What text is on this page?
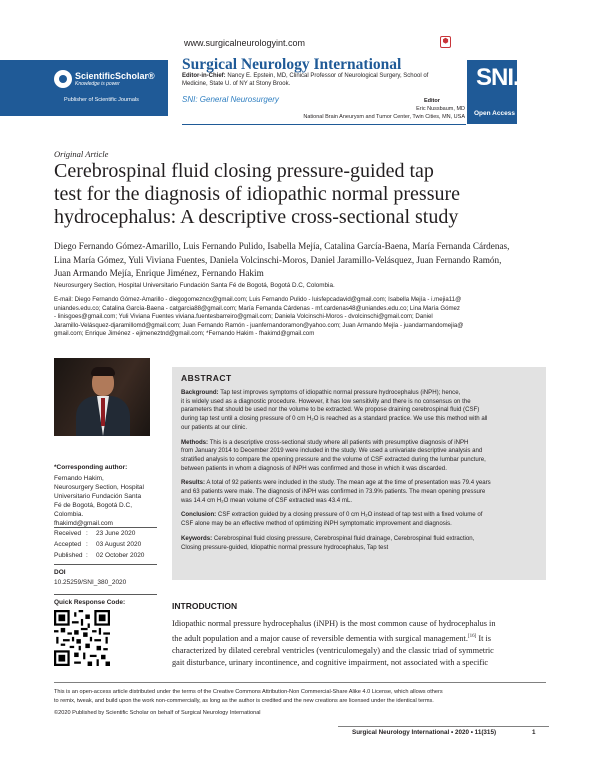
ScientificScholar®
Knowledge is power
Publisher of Scientific Journals
www.surgicalneurologyint.com	⬢
Surgical Neurology International
Editor-in-Chief: Nancy E. Epstein, MD, Clinical Professor of Neurological Surgery, School of Medicine, State U. of NY at Stony Brook.
SNI: General Neurosurgery	Editor
Eric Nussbaum, MD
National Brain Aneurysm and Tumor Center, Twin Cities, MN, USA
SNI.
Open Access
Original Article
Cerebrospinal fluid closing pressure-guided tap
test for the diagnosis of idiopathic normal pressure
hydrocephalus: A descriptive cross-sectional study
Diego Fernando Gómez-Amarillo, Luis Fernando Pulido, Isabella Mejía, Catalina García-Baena, María Fernanda Cárdenas,
Lina María Gómez, Yuli Viviana Fuentes, Daniela Volcinschi-Moros, Daniel Jaramillo-Velásquez, Juan Fernando Ramón,
Juan Armando Mejía, Enrique Jiménez, Fernando Hakim
Neurosurgery Section, Hospital Universitario Fundación Santa Fé de Bogotá, Bogotá D.C, Colombia.
E-mail: Diego Fernando Gómez-Amarillo - diegogomezncx@gmail.com; Luis Fernando Pulido - luisfepcadavid@gmail.com; Isabella Mejía - i.mejia11@
uniandes.edu.co; Catalina García-Baena - catgarcia88@gmail.com; María Fernanda Cárdenas - mf.cardenas48@uniandes.edu.co; Lina María Gómez
- linisgoes@gmail.com; Yuli Viviana Fuentes viviana.fuentesbarreiro@gmail.com; Daniela Volcinschi-Moros - dvolcinschi@gmail.com; Daniel
Jaramillo-Velásquez-djaramillomd@gmail.com; Juan Fernando Ramón - juanfernandoramon@yahoo.com; Juan Armando Mejía - juandarmandomejia@
gmail.com; Enrique Jiménez - ejimeneztnd@gmail.com; *Fernando Hakim - fhakimd@gmail.com
*Corresponding author:
Fernando Hakim,
Neurosurgery Section, Hospital
Universitario Fundación Santa
Fé de Bogotá, Bogotá D.C,
Colombia.
fhakimd@gmail.com
Received :	23 June 2020
Accepted :	03 August 2020
Published :	02 October 2020
DOI
10.25259/SNI_380_2020
Quick Response Code:
ABSTRACT

Background: Tap test improves symptoms of idiopathic normal pressure hydrocephalus (iNPH); hence,
it is widely used as a diagnostic procedure. However, it has low sensitivity and there is no consensus on the
parameters that should be used nor the volume to be extracted. We propose draining cerebrospinal fluid (CSF)
during tap test until a closing pressure of 0 cm H₂O is reached as a standard practice. We use this method with all
our patients at our clinic.

Methods: This is a descriptive cross-sectional study where all patients with presumptive diagnosis of iNPH
from January 2014 to December 2019 were included in the study. We used a univariate descriptive analysis and
stratified analysis to compare the opening pressure and the volume of CSF extracted during the lumbar puncture,
between patients in whom a diagnosis of iNPH was confirmed and those in which it was discarded.

Results: A total of 92 patients were included in the study. The mean age at the time of presentation was 79.4 years
and 63 patients were male. The diagnosis of iNPH was confirmed in 73.9% patients. The mean opening pressure
was 14.4 cm H₂O mean volume of CSF extracted was 43.4 mL.

Conclusion: CSF extraction guided by a closing pressure of 0 cm H₂O instead of tap test with a fixed volume of
CSF alone may be an effective method of optimizing iNPH symptomatic improvement and diagnosis.

Keywords: Cerebrospinal fluid closing pressure, Cerebrospinal fluid drainage, Cerebrospinal fluid extraction,
Closing pressure-guided, Idiopathic normal pressure hydrocephalus, Tap test

INTRODUCTION
Idiopathic normal pressure hydrocephalus (iNPH) is the most common cause of hydrocephalus in
the adult population and a major cause of reversible dementia with surgical management.[16] It is
characterized by dilated cerebral ventricles (ventriculomegaly) and the classic triad of symmetric
gait disturbance, urinary incontinence, and cognitive impairment, not associated with a specific
This is an open-access article distributed under the terms of the Creative Commons Attribution-Non Commercial-Share Alike 4.0 License, which allows others
to remix, tweak, and build upon the work non-commercially, as long as the author is credited and the new creations are licensed under the identical terms.
©2020 Published by Scientific Scholar on behalf of Surgical Neurology International
Surgical Neurology International • 2020 • 11(315)	1
